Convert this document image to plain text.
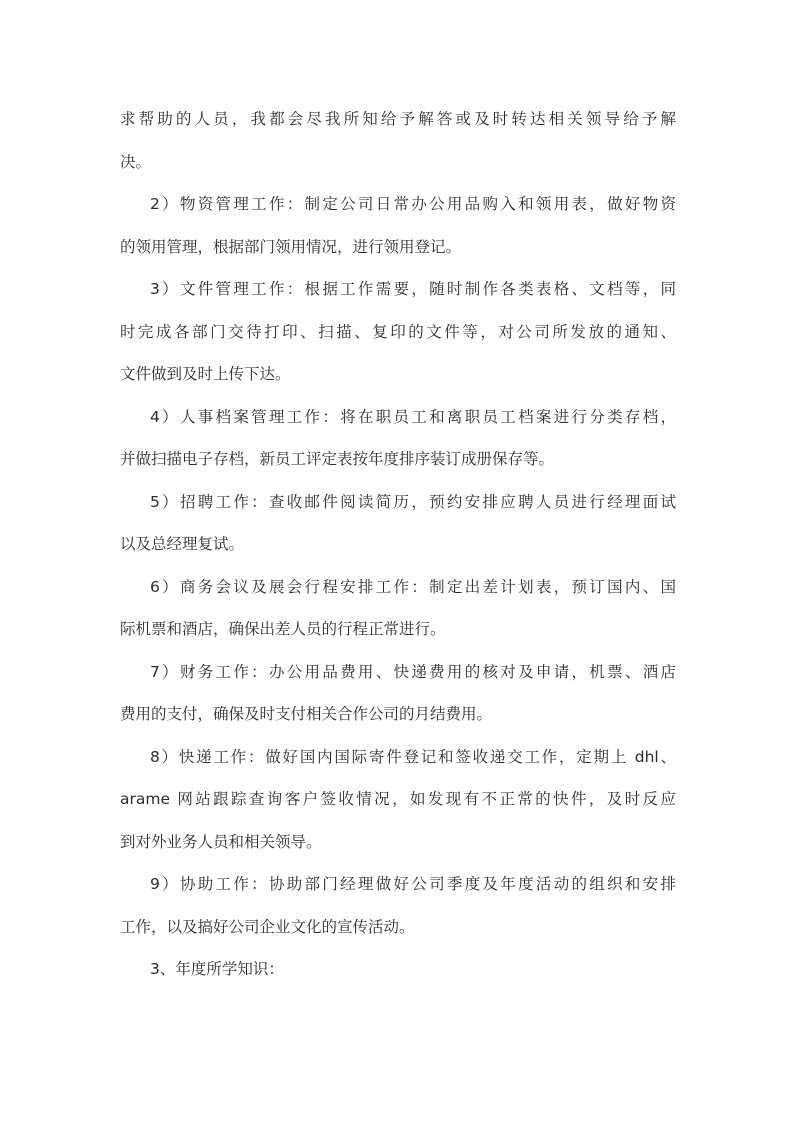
求帮助的人员，我都会尽我所知给予解答或及时转达相关领导给予解
决。
2）物资管理工作：制定公司日常办公用品购入和领用表，做好物资
的领用管理，根据部门领用情况，进行领用登记。
3）文件管理工作：根据工作需要，随时制作各类表格、文档等，同
时完成各部门交待打印、扫描、复印的文件等，对公司所发放的通知、
文件做到及时上传下达。
4）人事档案管理工作：将在职员工和离职员工档案进行分类存档，
并做扫描电子存档，新员工评定表按年度排序装订成册保存等。
5）招聘工作：查收邮件阅读简历，预约安排应聘人员进行经理面试
以及总经理复试。
6）商务会议及展会行程安排工作：制定出差计划表，预订国内、国
际机票和酒店，确保出差人员的行程正常进行。
7）财务工作：办公用品费用、快递费用的核对及申请，机票、酒店
费用的支付，确保及时支付相关合作公司的月结费用。
8）快递工作：做好国内国际寄件登记和签收递交工作，定期上 dhl、
arame 网站跟踪查询客户签收情况，如发现有不正常的快件，及时反应
到对外业务人员和相关领导。
9）协助工作：协助部门经理做好公司季度及年度活动的组织和安排
工作，以及搞好公司企业文化的宣传活动。
3、年度所学知识：
